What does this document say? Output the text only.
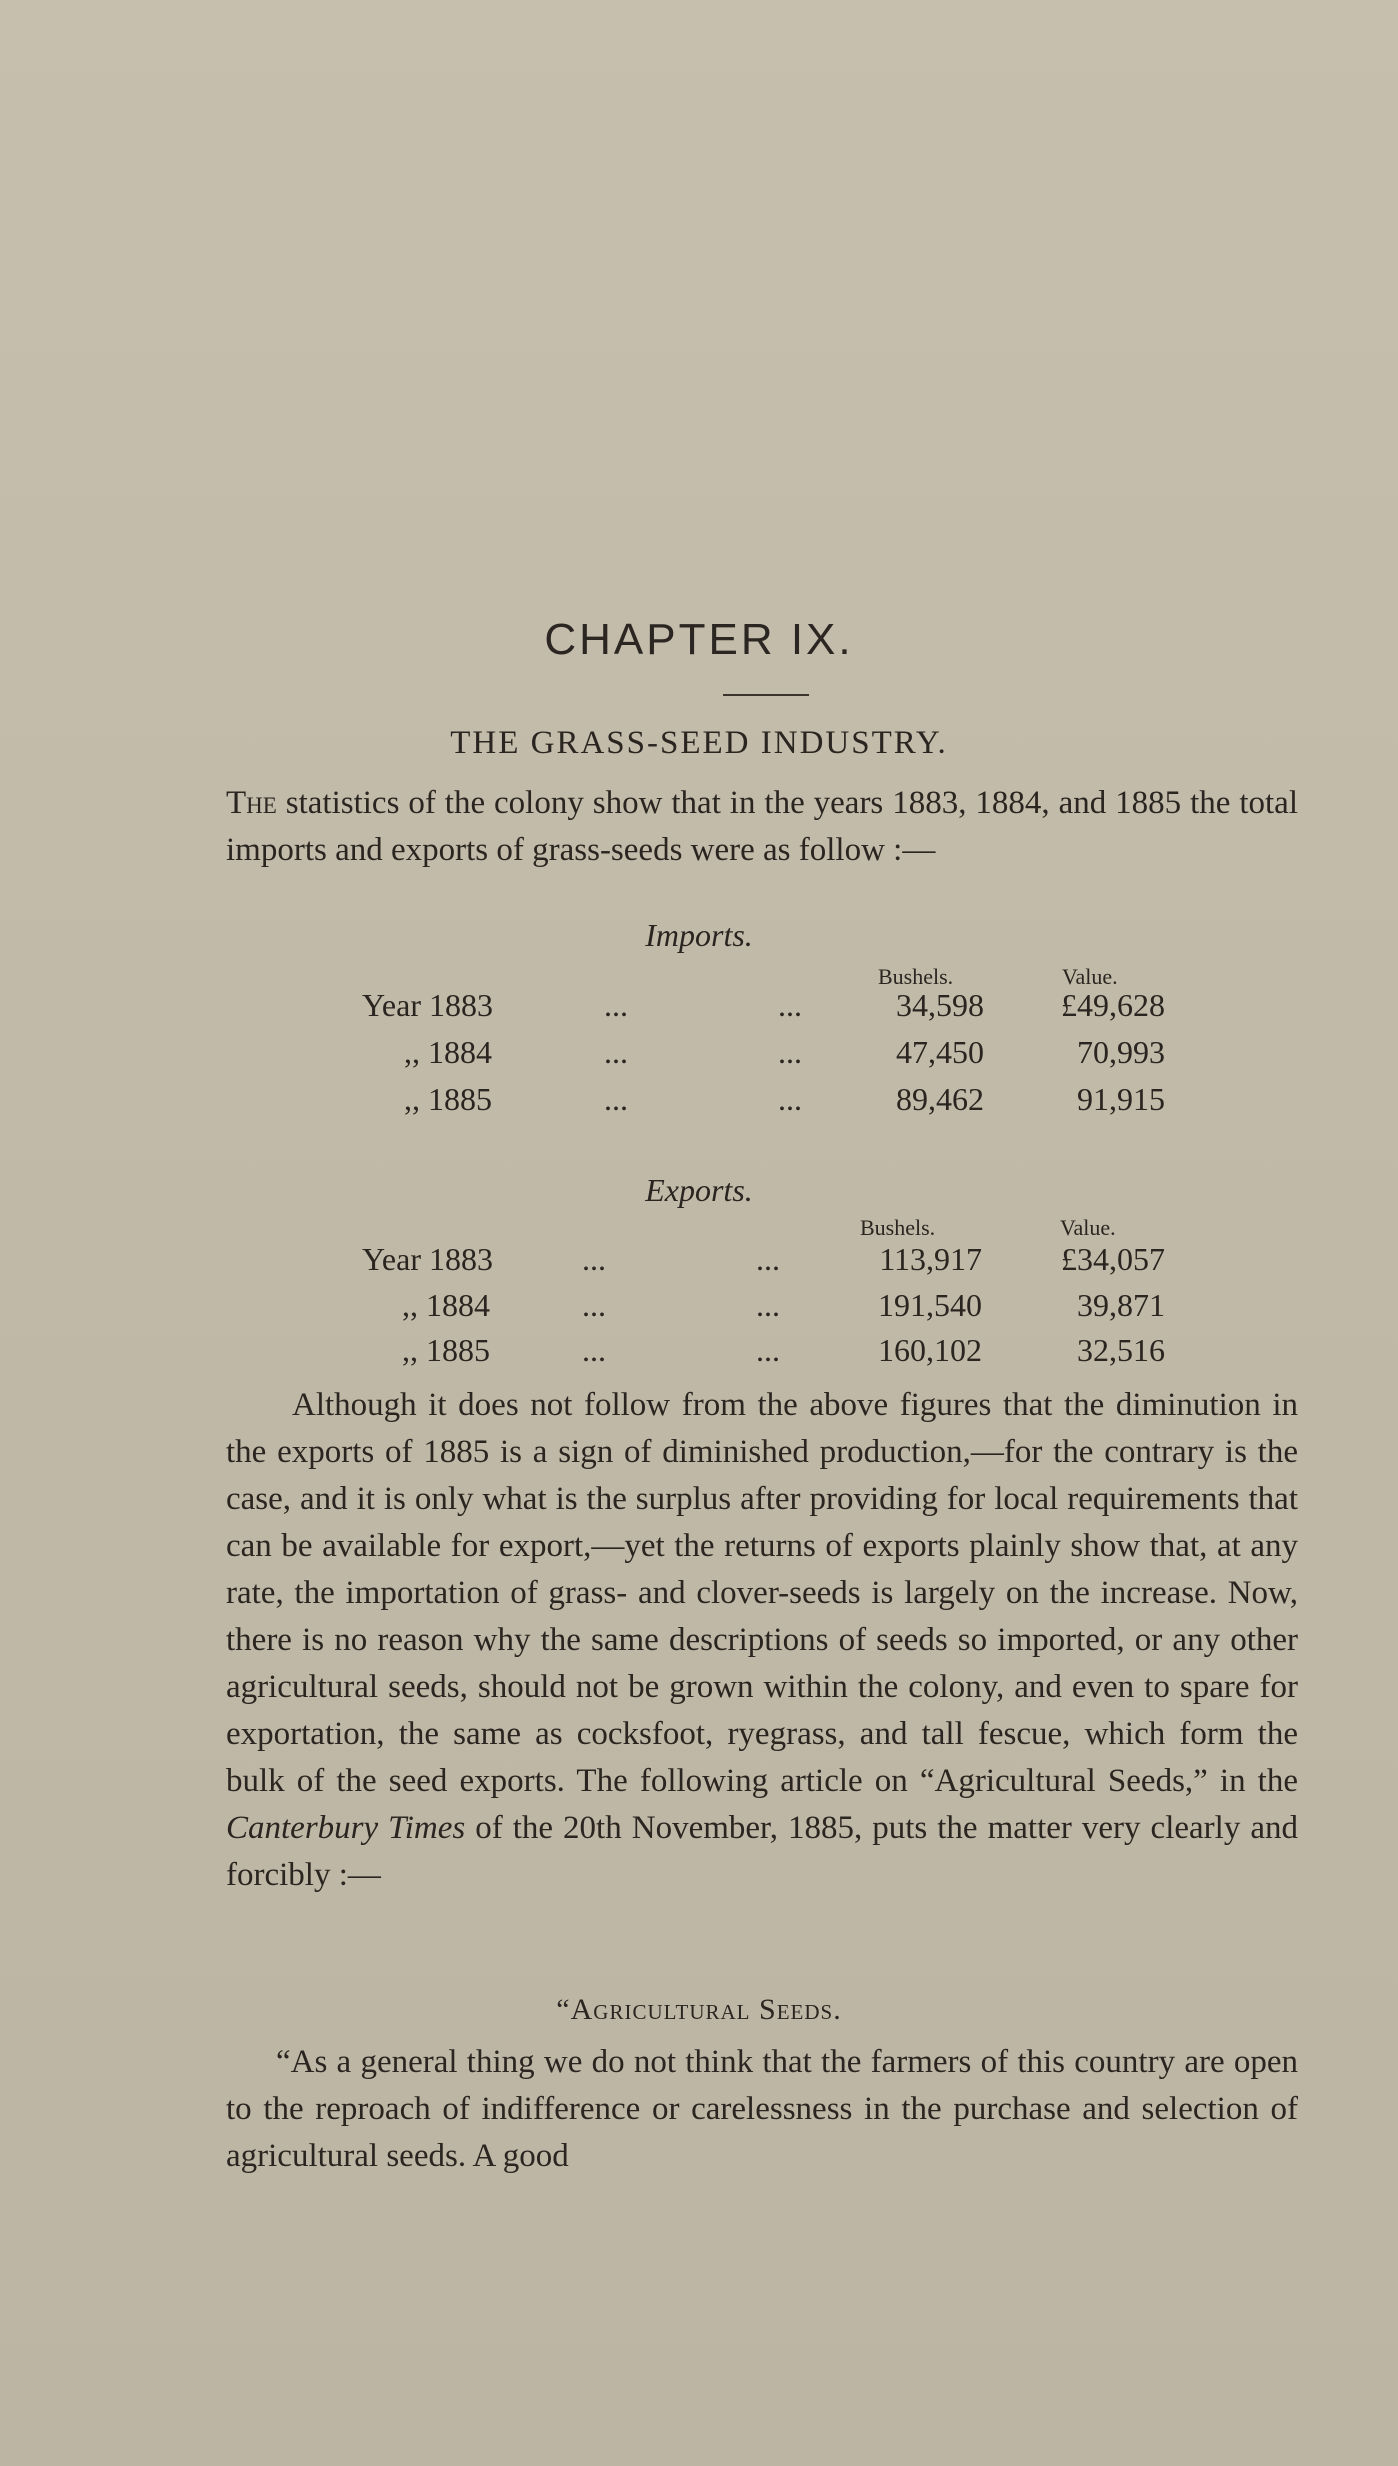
CHAPTER IX.
THE GRASS-SEED INDUSTRY.
The statistics of the colony show that in the years 1883, 1884, and 1885 the total imports and exports of grass-seeds were as follow :—
Imports.
Bushels.	Value.
Year 1883	...	...	34,598	£49,628
,, 1884	...	...	47,450	70,993
,, 1885	...	...	89,462	91,915
Exports.
Bushels.	Value.
Year 1883	...	...	113,917	£34,057
,, 1884	...	...	191,540	39,871
,, 1885	...	...	160,102	32,516
Although it does not follow from the above figures that the diminution in the exports of 1885 is a sign of diminished production,—for the contrary is the case, and it is only what is the surplus after providing for local requirements that can be available for export,—yet the returns of exports plainly show that, at any rate, the importation of grass- and clover-seeds is largely on the increase. Now, there is no reason why the same descriptions of seeds so imported, or any other agricultural seeds, should not be grown within the colony, and even to spare for exportation, the same as cocksfoot, ryegrass, and tall fescue, which form the bulk of the seed exports. The following article on “Agricultural Seeds,” in the Canterbury Times of the 20th November, 1885, puts the matter very clearly and forcibly :—
“Agricultural Seeds.
“As a general thing we do not think that the farmers of this country are open to the reproach of indifference or carelessness in the purchase and selection of agricultural seeds. A good
